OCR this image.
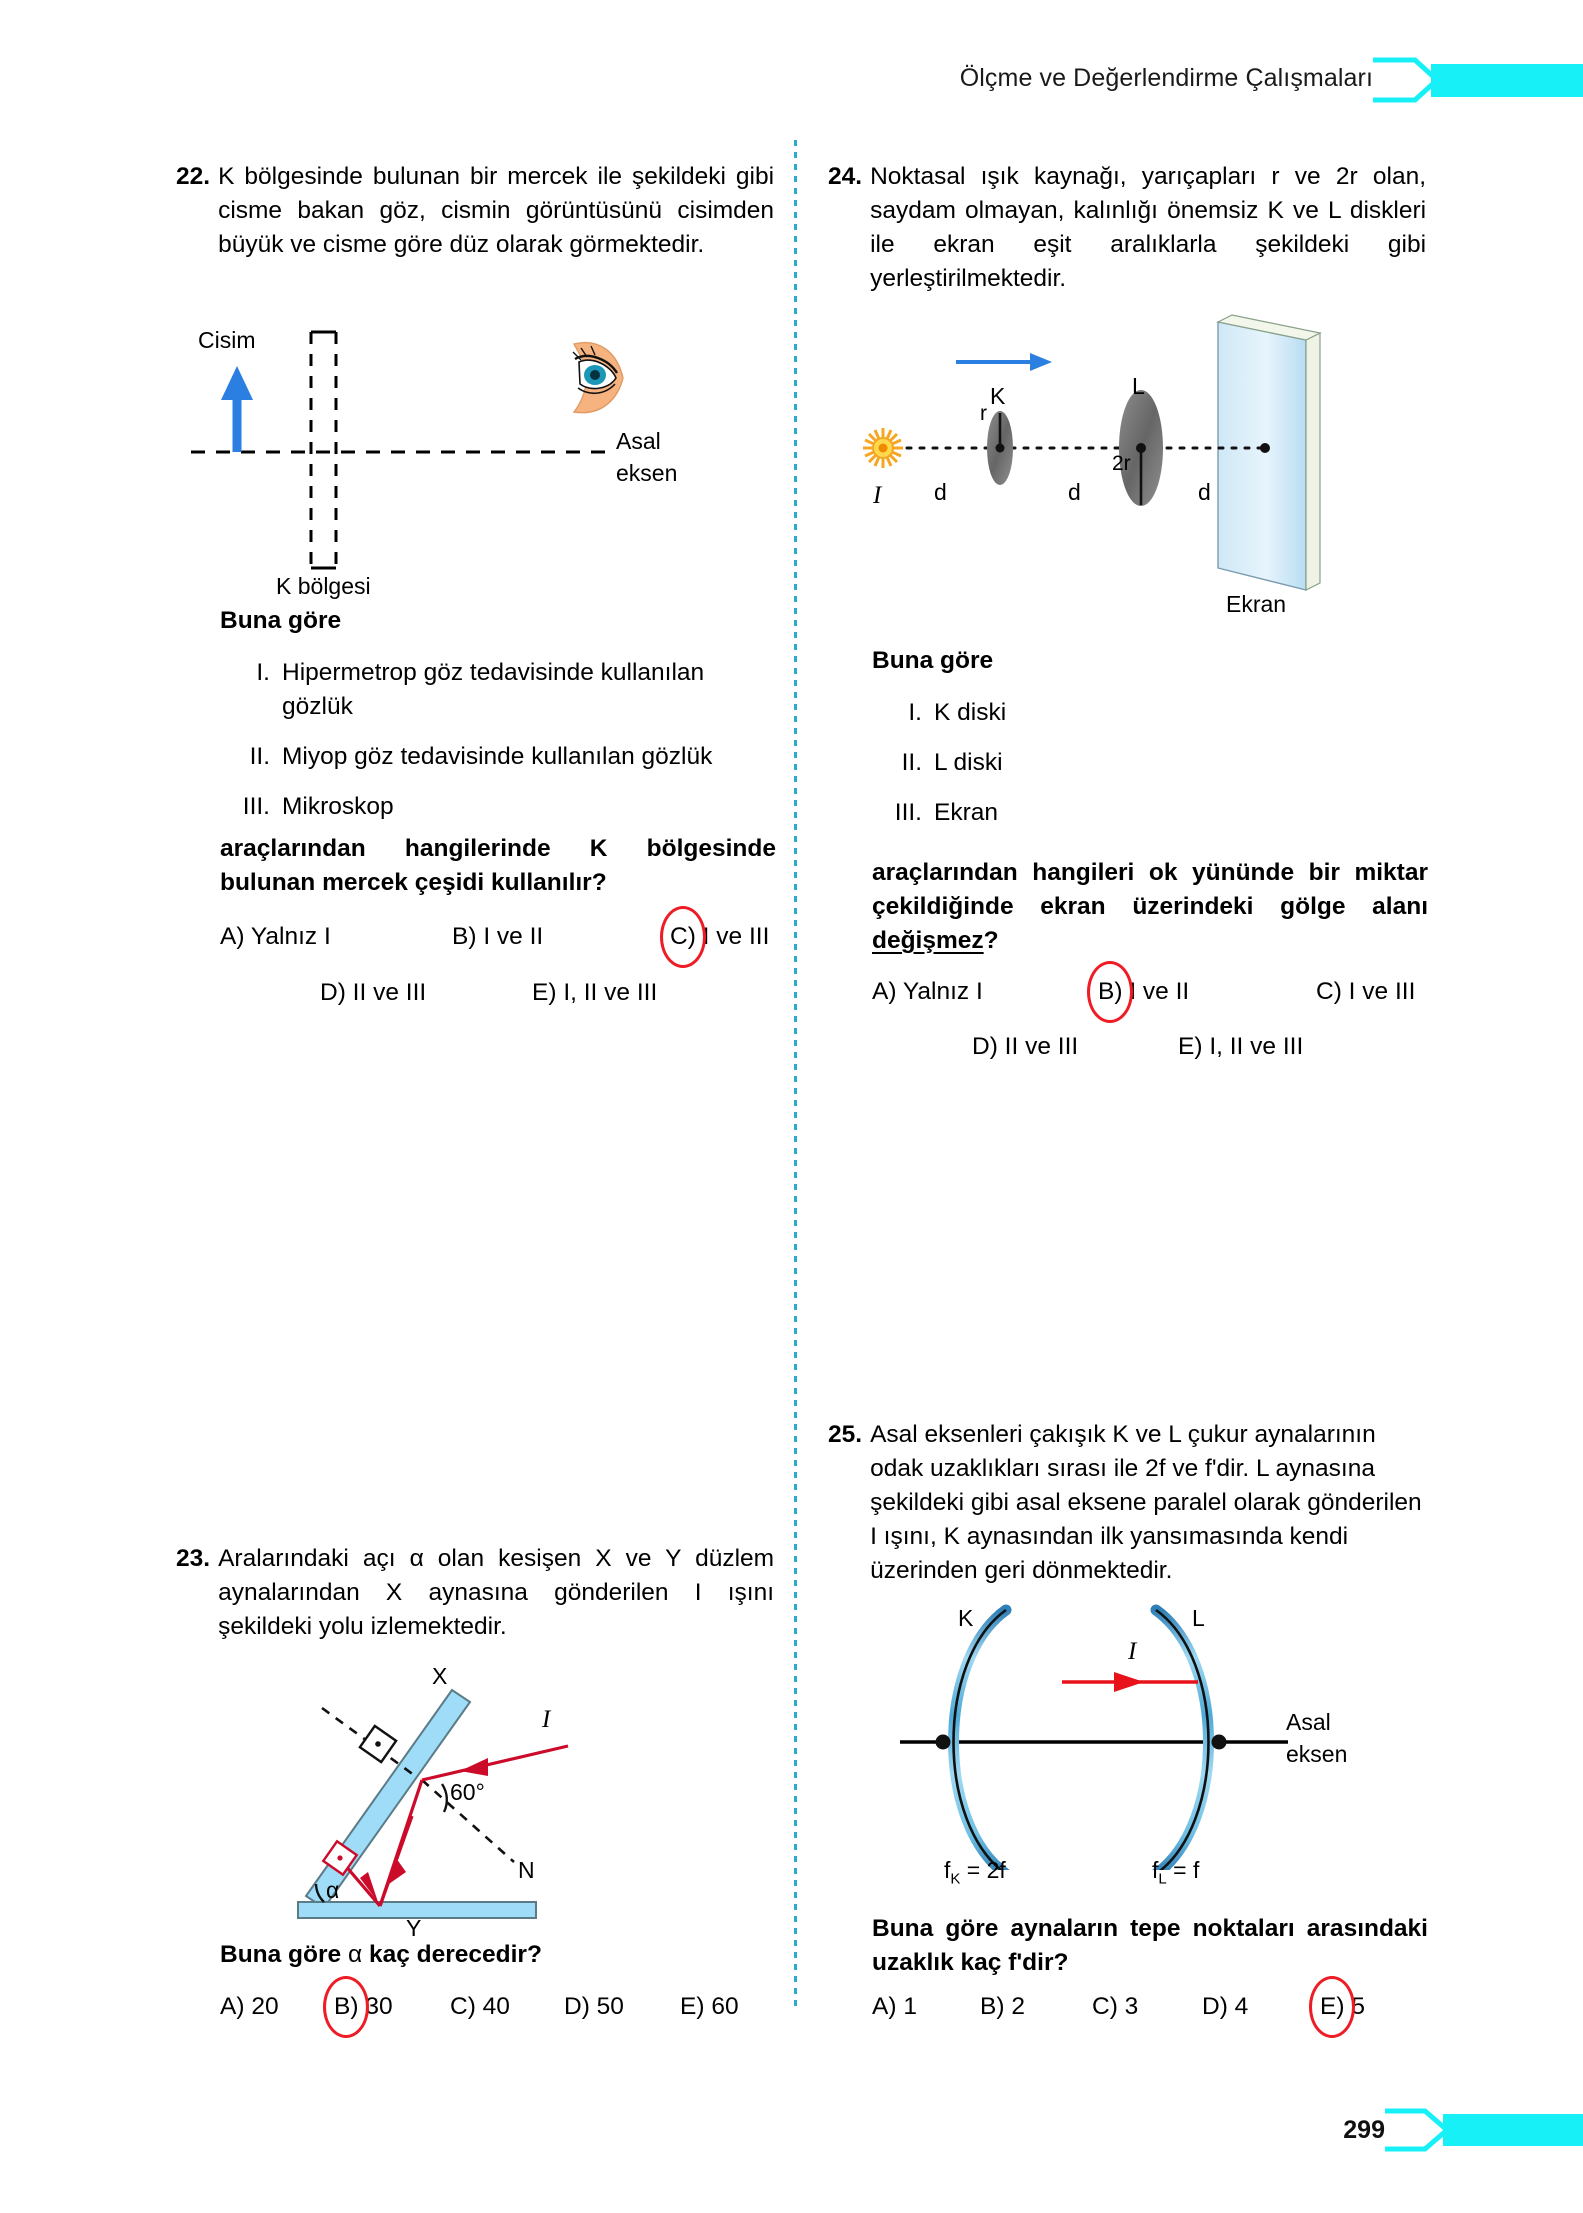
Ölçme ve Değerlendirme Çalışmaları
22. K bölgesinde bulunan bir mercek ile şekildeki gibi cisme bakan göz, cismin görüntüsünü cisimden büyük ve cisme göre düz olarak görmektedir.
Cisim
Asal
eksen
K bölgesi
Buna göre
I. Hipermetrop göz tedavisinde kullanılan gözlük
II. Miyop göz tedavisinde kullanılan gözlük
III. Mikroskop
araçlarından hangilerinde K bölgesinde bulunan mercek çeşidi kullanılır?
A) Yalnız I	B) I ve II	C) I ve III
D) II ve III	E) I, II ve III
24. Noktasal ışık kaynağı, yarıçapları r ve 2r olan, saydam olmayan, kalınlığı önemsiz K ve L diskleri ile ekran eşit aralıklarla şekildeki gibi yerleştirilmektedir.
I
K
r
L
2r
d	d	d
Ekran
Buna göre
I. K diski
II. L diski
III. Ekran
araçlarından hangileri ok yününde bir miktar çekildiğinde ekran üzerindeki gölge alanı değişmez?
A) Yalnız I	B) I ve II	C) I ve III
D) II ve III	E) I, II ve III
23. Aralarındaki açı α olan kesişen X ve Y düzlem aynalarından X aynasına gönderilen I ışını şekildeki yolu izlemektedir.
X
I
60°
N
α
Y
Buna göre α kaç derecedir?
A) 20	B) 30	C) 40	D) 50	E) 60
25. Asal eksenleri çakışık K ve L çukur aynalarının odak uzaklıkları sırası ile 2f ve f'dir. L aynasına şekildeki gibi asal eksene paralel olarak gönderilen I ışını, K aynasından ilk yansımasında kendi üzerinden geri dönmektedir.
K	L
I
Asal
eksen
$f_K = 2f$	$f_L = f$
Buna göre aynaların tepe noktaları arasındaki uzaklık kaç f'dir?
A) 1	B) 2	C) 3	D) 4	E) 5
299
